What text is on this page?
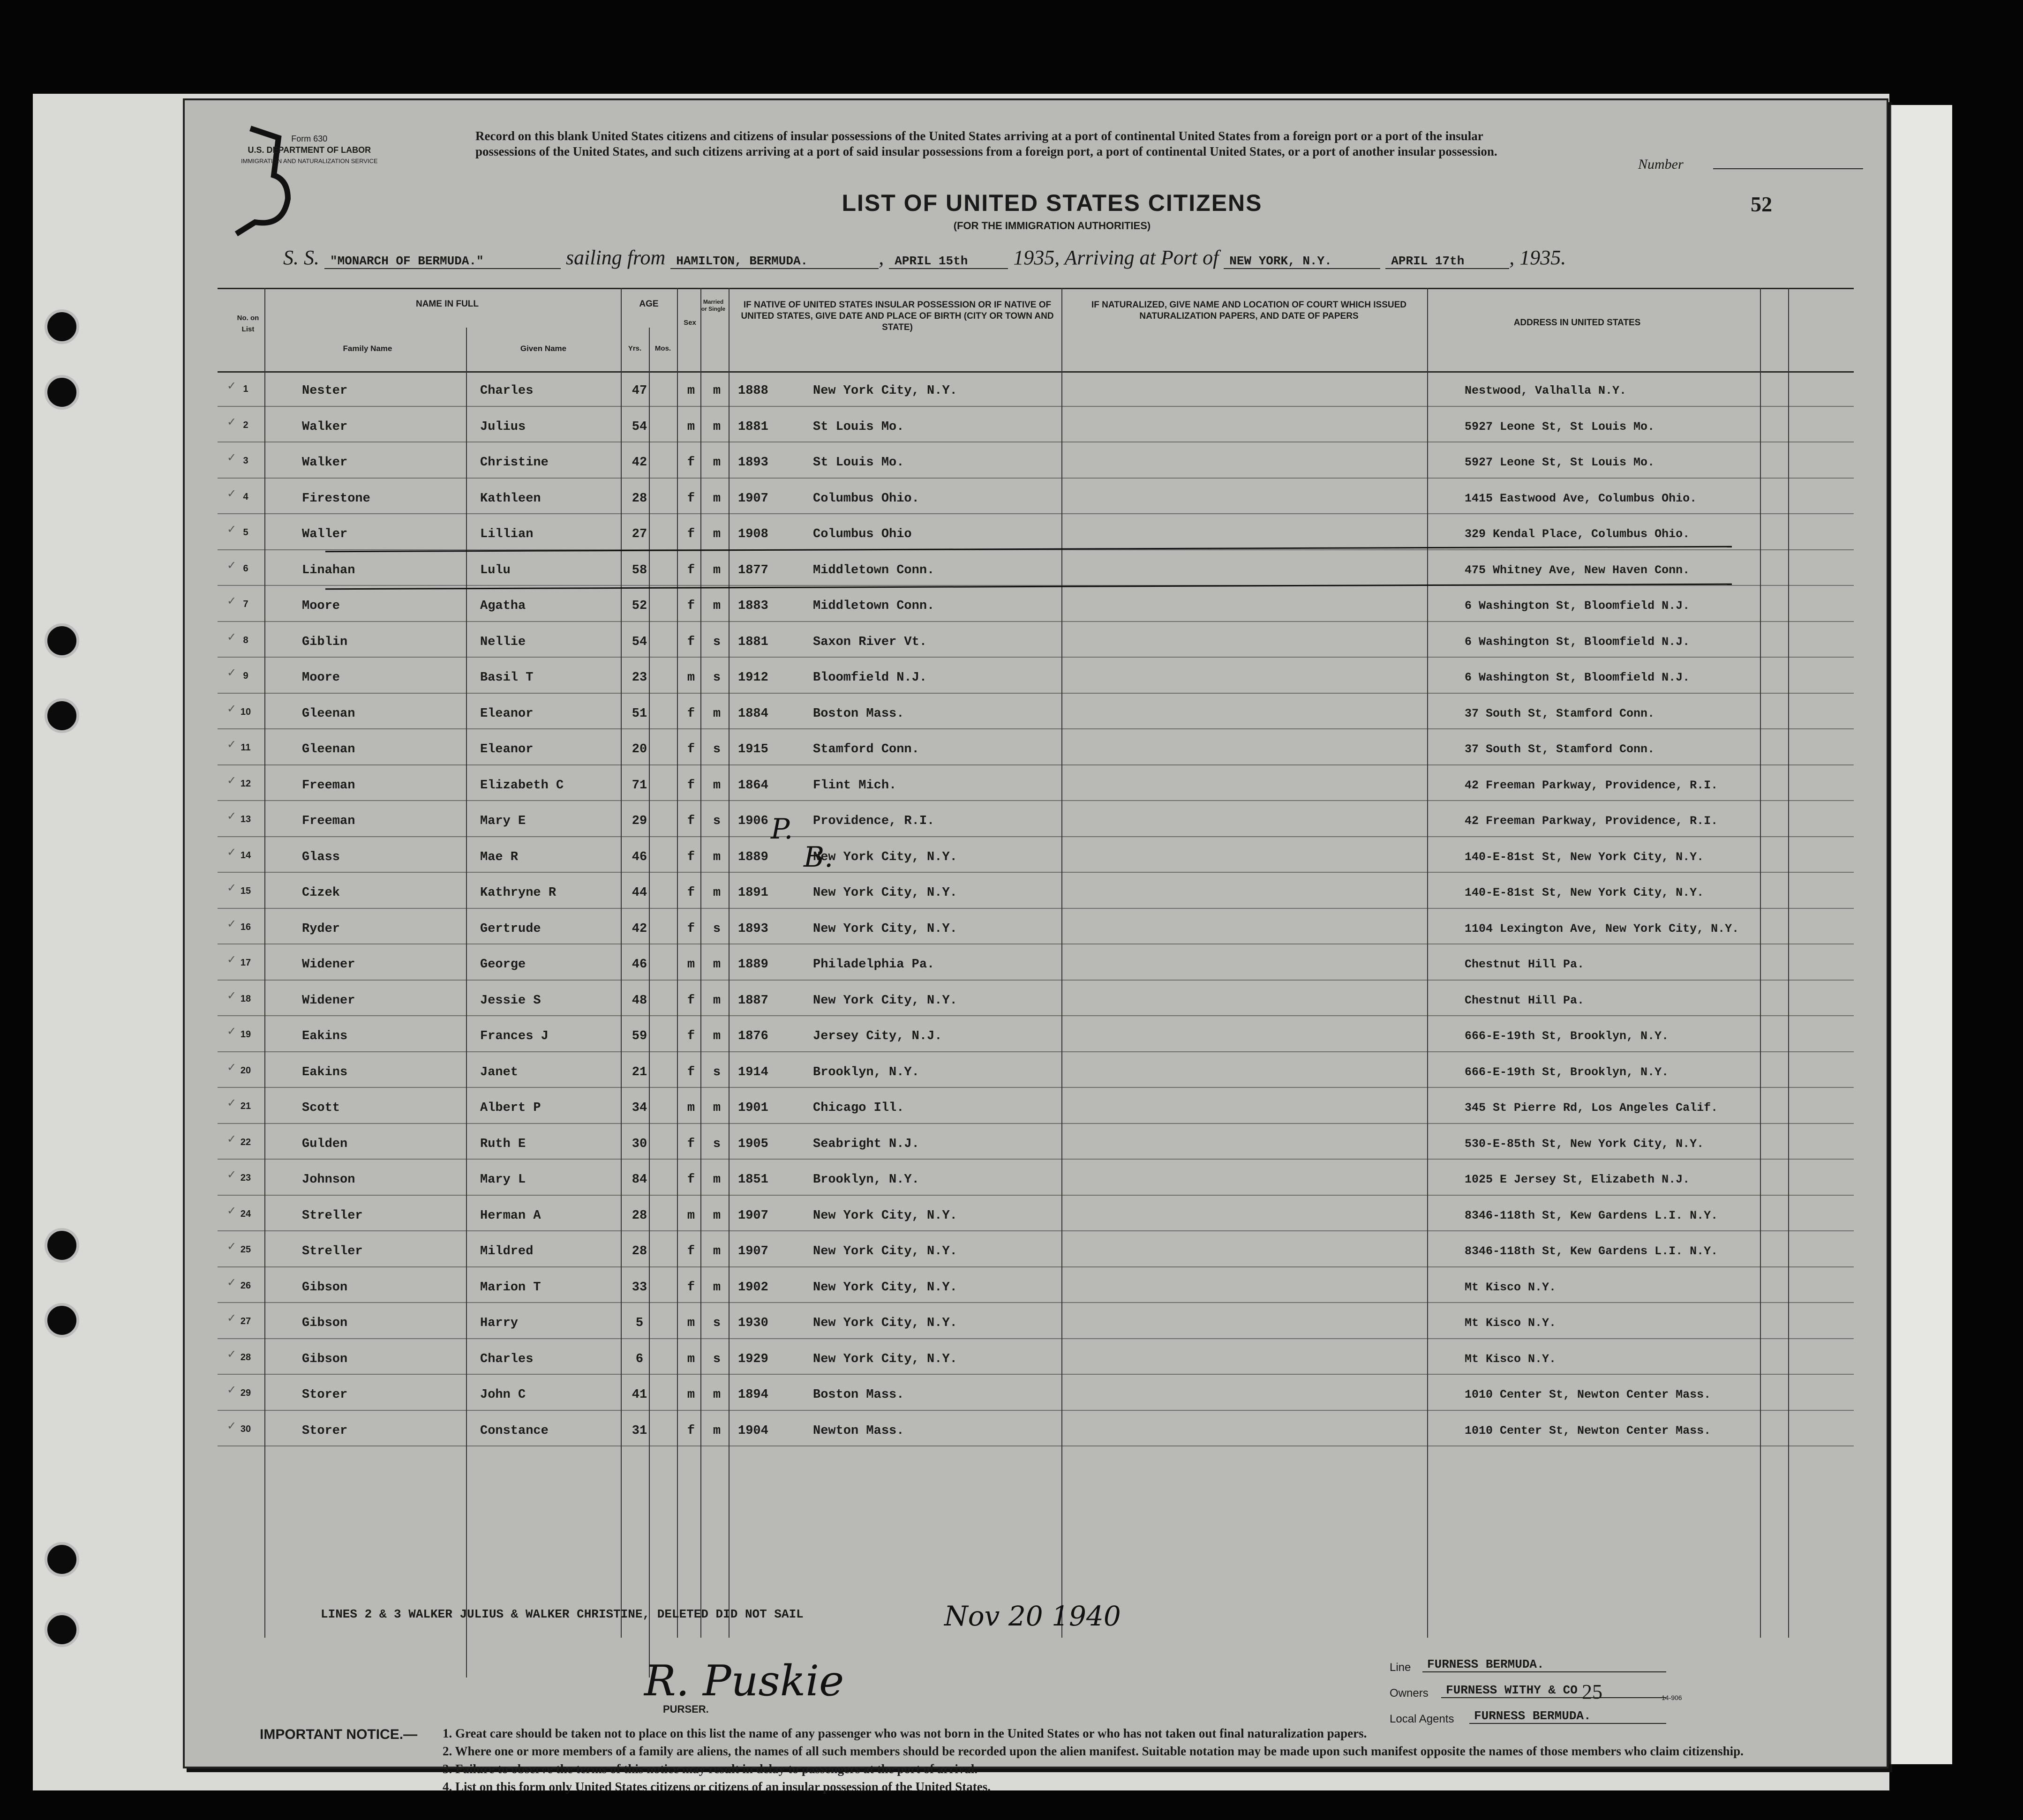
15
Form 630
U.S. DEPARTMENT OF LABOR
IMMIGRATION AND NATURALIZATION SERVICE
Record on this blank United States citizens and citizens of insular possessions of the United States arriving at a port of continental United States from a foreign port or a port of the insular possessions of the United States, and such citizens arriving at a port of said insular possessions from a foreign port, a port of continental United States, or a port of another insular possession.
Number
LIST OF UNITED STATES CITIZENS
(FOR THE IMMIGRATION AUTHORITIES)
52
S. S. "MONARCH OF BERMUDA."	sailing from HAMILTON, BERMUDA.	, APRIL 15th 1935, Arriving at Port of NEW YORK, N.Y.	APRIL 17th , 1935.
No. on List
NAME IN FULL
Family Name	Given Name
AGE
Yrs.	Mos.
Sex
Married or Single	IF NATIVE OF UNITED STATES INSULAR POSSESSION OR IF NATIVE OF UNITED STATES, GIVE DATE AND PLACE OF BIRTH (CITY OR TOWN AND STATE)
IF NATURALIZED, GIVE NAME AND LOCATION OF COURT WHICH ISSUED NATURALIZATION PAPERS, AND DATE OF PAPERS
ADDRESS IN UNITED STATES
✓ 1	Nester	Charles	47	m	m	1888	New York City, N.Y.	Nestwood, Valhalla N.Y.
✓ 2	Walker	Julius	54	m	m	1881	St Louis Mo.	5927 Leone St, St Louis Mo.
✓ 3	Walker	Christine	42	f	m	1893	St Louis Mo.	5927 Leone St, St Louis Mo.
✓ 4	Firestone	Kathleen	28	f	m	1907	Columbus Ohio.	1415 Eastwood Ave, Columbus Ohio.
✓ 5	Waller	Lillian	27	f	m	1908	Columbus Ohio	329 Kendal Place, Columbus Ohio.
✓ 6	Linahan	Lulu	58	f	m	1877	Middletown Conn.	475 Whitney Ave, New Haven Conn.
✓ 7	Moore	Agatha	52	f	m	1883	Middletown Conn.	6 Washington St, Bloomfield N.J.
✓ 8	Giblin	Nellie	54	f	s	1881	Saxon River Vt.	6 Washington St, Bloomfield N.J.
✓ 9	Moore	Basil T	23	m	s	1912	Bloomfield N.J.	6 Washington St, Bloomfield N.J.
✓ 10	Gleenan	Eleanor	51	f	m	1884	Boston Mass.	37 South St, Stamford Conn.
✓ 11	Gleenan	Eleanor	20	f	s	1915	Stamford Conn.	37 South St, Stamford Conn.
✓ 12	Freeman	Elizabeth C	71	f	m	1864	Flint Mich.	42 Freeman Parkway, Providence, R.I.
✓ 13	Freeman	Mary E	29	f	s	1906	Providence, R.I.	42 Freeman Parkway, Providence, R.I.
✓ 14	Glass	Mae R	46	f	m	1889	New York City, N.Y.	140-E-81st St, New York City, N.Y.
✓ 15	Cizek	Kathryne R	44	f	m	1891	New York City, N.Y.	140-E-81st St, New York City, N.Y.
✓ 16	Ryder	Gertrude	42	f	s	1893	New York City, N.Y.	1104 Lexington Ave, New York City, N.Y.
✓ 17	Widener	George	46	m	m	1889	Philadelphia Pa.	Chestnut Hill Pa.
✓ 18	Widener	Jessie S	48	f	m	1887	New York City, N.Y.	Chestnut Hill Pa.
✓ 19	Eakins	Frances J	59	f	m	1876	Jersey City, N.J.	666-E-19th St, Brooklyn, N.Y.
✓ 20	Eakins	Janet	21	f	s	1914	Brooklyn, N.Y.	666-E-19th St, Brooklyn, N.Y.
✓ 21	Scott	Albert P	34	m	m	1901	Chicago Ill.	345 St Pierre Rd, Los Angeles Calif.
✓ 22	Gulden	Ruth E	30	f	s	1905	Seabright N.J.	530-E-85th St, New York City, N.Y.
✓ 23	Johnson	Mary L	84	f	m	1851	Brooklyn, N.Y.	1025 E Jersey St, Elizabeth N.J.
✓ 24	Streller	Herman A	28	m	m	1907	New York City, N.Y.	8346-118th St, Kew Gardens L.I. N.Y.
✓ 25	Streller	Mildred	28	f	m	1907	New York City, N.Y.	8346-118th St, Kew Gardens L.I. N.Y.
✓ 26	Gibson	Marion T	33	f	m	1902	New York City, N.Y.	Mt Kisco N.Y.
✓ 27	Gibson	Harry	5	m	s	1930	New York City, N.Y.	Mt Kisco N.Y.
✓ 28	Gibson	Charles	6	m	s	1929	New York City, N.Y.	Mt Kisco N.Y.
✓ 29	Storer	John C	41	m	m	1894	Boston Mass.	1010 Center St, Newton Center Mass.
✓ 30	Storer	Constance	31	f	m	1904	Newton Mass.	1010 Center St, Newton Center Mass.
P.
B.
Nov 20 1940
LINES 2 & 3 WALKER JULIUS & WALKER CHRISTINE, DELETED DID NOT SAIL
R. Puskie
PURSER.
Line	FURNESS BERMUDA.
Owners	FURNESS WITHY & CO
Local Agents	FURNESS BERMUDA.
IMPORTANT NOTICE.— 1. Great care should be taken not to place on this list the name of any passenger who was not born in the United States or who has not taken out final naturalization papers.

2. Where one or more members of a family are aliens, the names of all such members should be recorded upon the alien manifest. Suitable notation may be made upon such manifest opposite the names of those members who claim citizenship.

3. Failure to observe the terms of this notice may result in delay to passengers at the port of arrival.

4. List on this form only United States citizens or citizens of an insular possession of the United States.

25	14-906
